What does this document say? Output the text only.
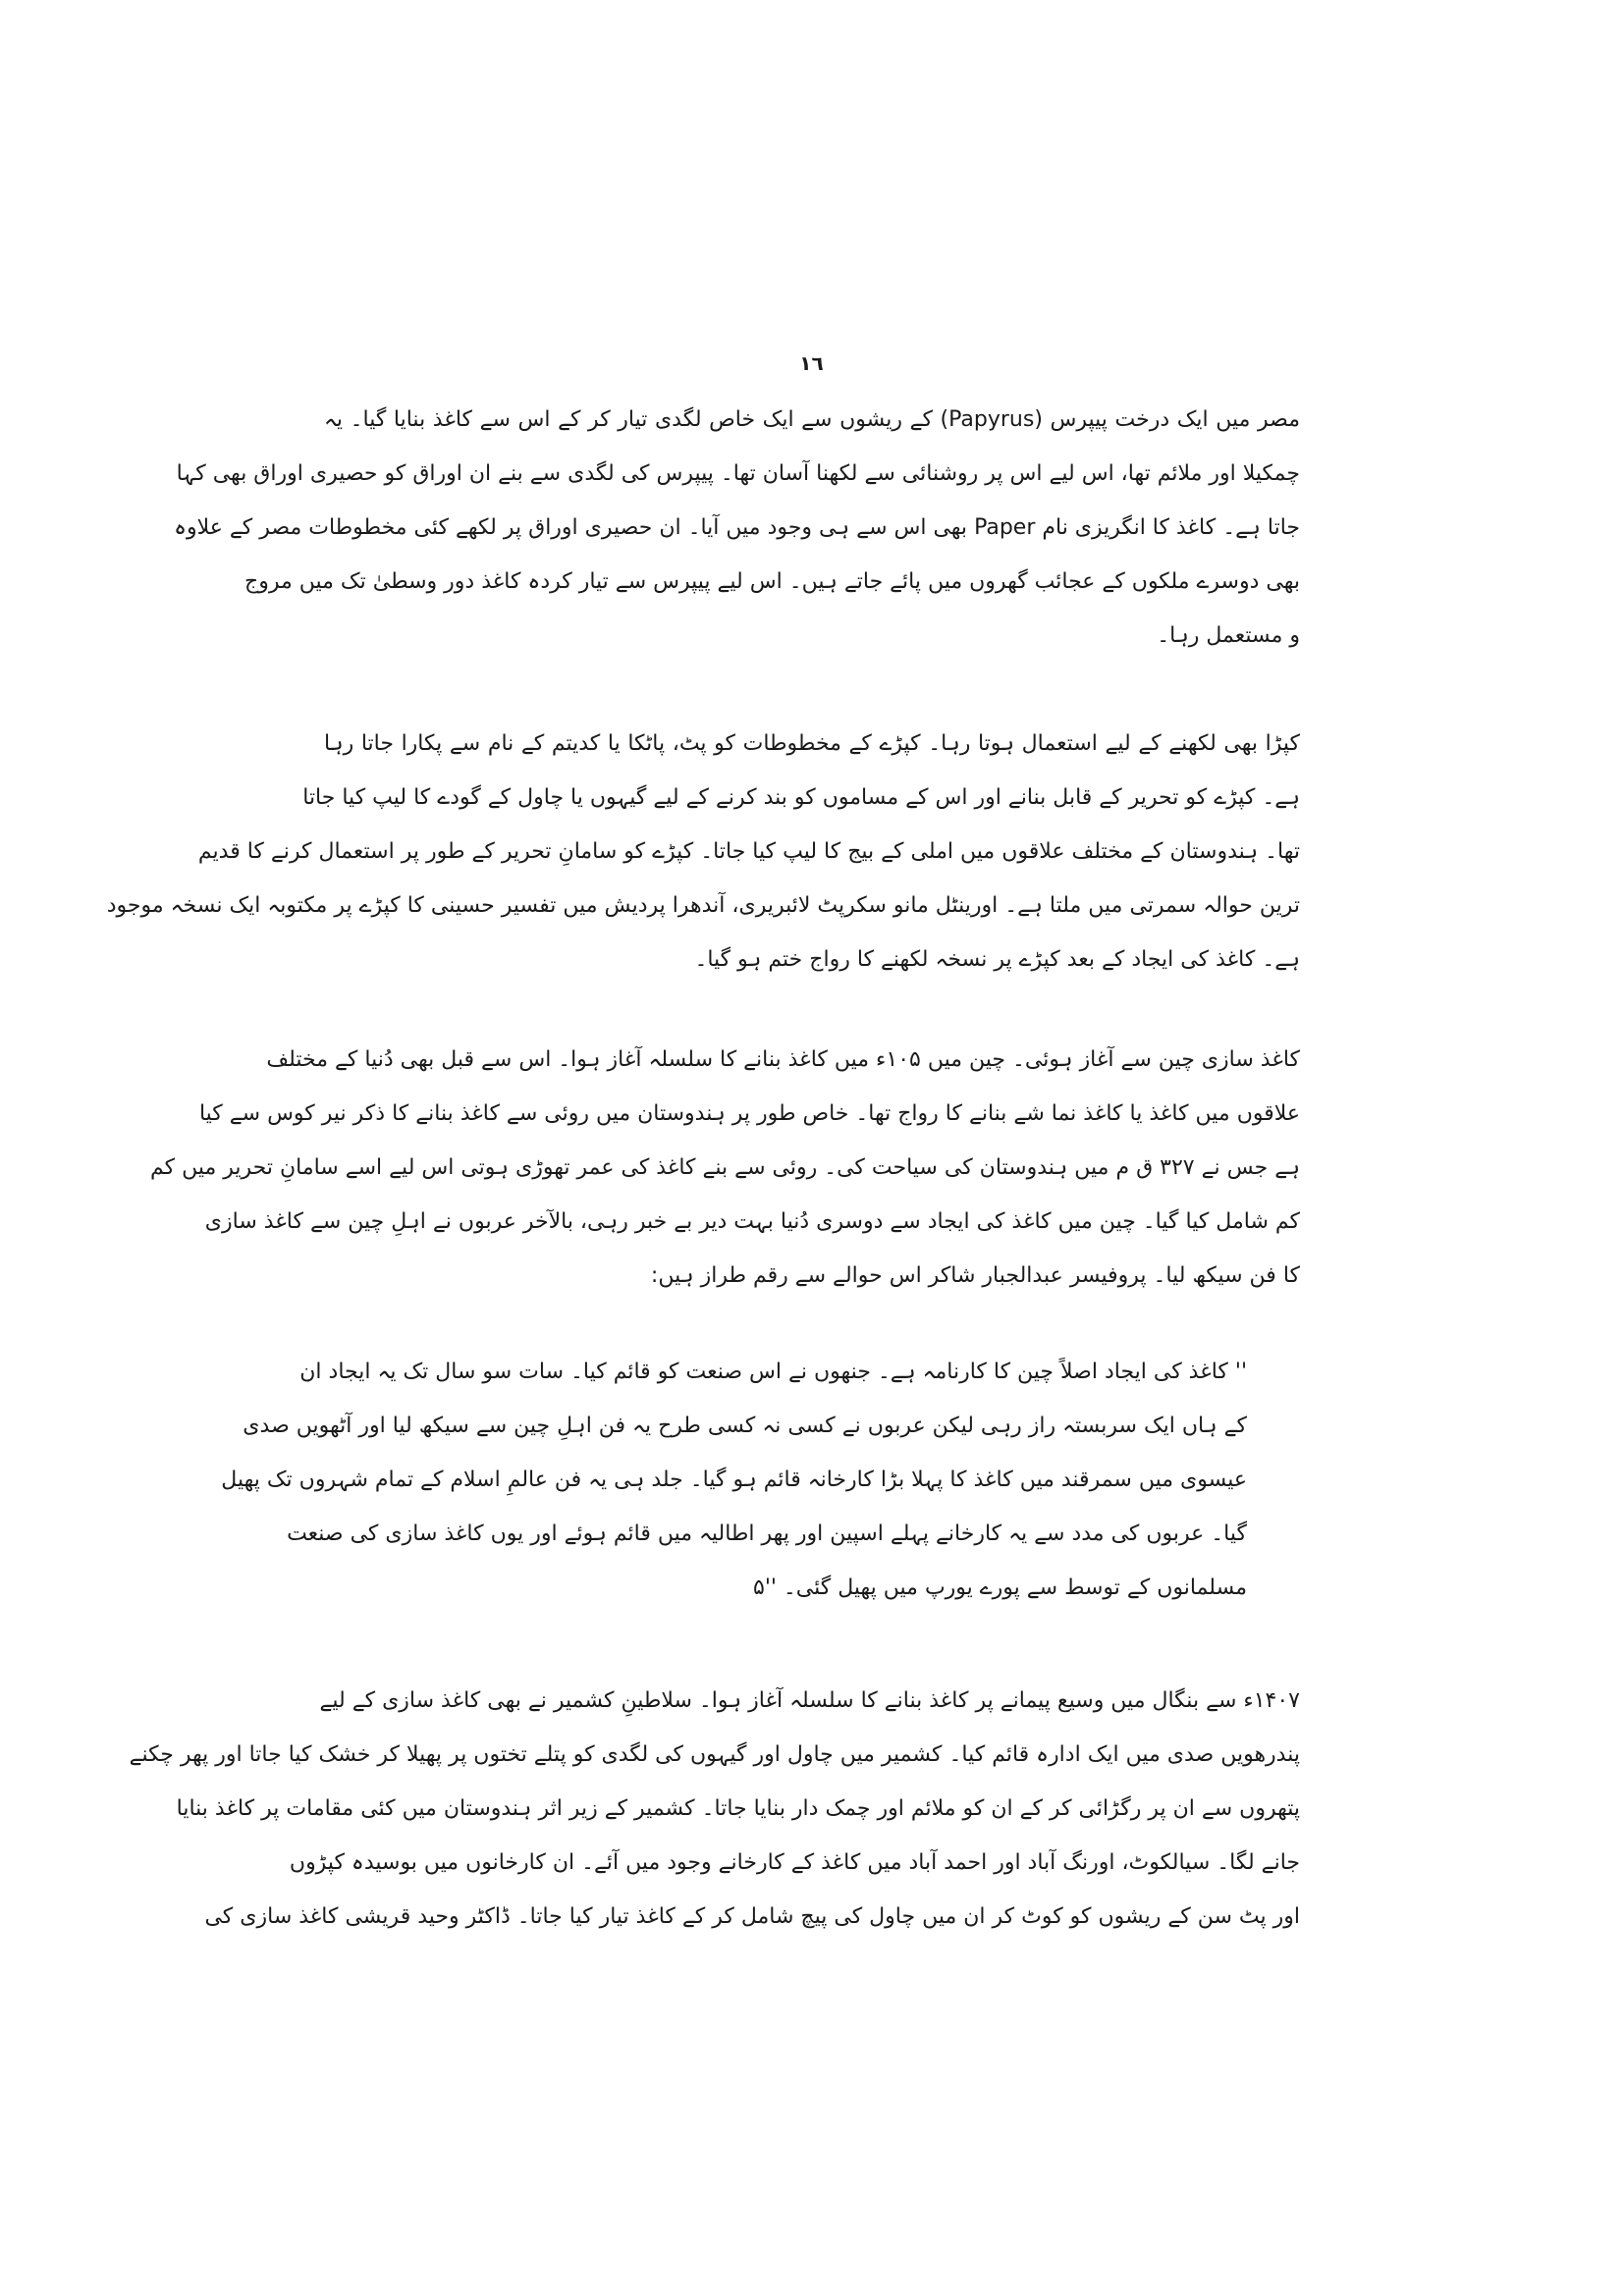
١٦
مصر میں ایک درخت پیپرس (Papyrus) کے ریشوں سے ایک خاص لگدی تیار کر کے اس سے کاغذ بنایا گیا۔ یہ
چمکیلا اور ملائم تھا، اس لیے اس پر روشنائی سے لکھنا آسان تھا۔ پیپرس کی لگدی سے بنے ان اوراق کو حصیری اوراق بھی کہا
جاتا ہے۔ کاغذ کا انگریزی نام Paper بھی اس سے ہی وجود میں آیا۔ ان حصیری اوراق پر لکھے کئی مخطوطات مصر کے علاوہ
بھی دوسرے ملکوں کے عجائب گھروں میں پائے جاتے ہیں۔ اس لیے پیپرس سے تیار کردہ کاغذ دور وسطیٰ تک میں مروج
و مستعمل رہا۔
کپڑا بھی لکھنے کے لیے استعمال ہوتا رہا۔ کپڑے کے مخطوطات کو پٹ، پاٹکا یا کدیتم کے نام سے پکارا جاتا رہا
ہے۔ کپڑے کو تحریر کے قابل بنانے اور اس کے مساموں کو بند کرنے کے لیے گیہوں یا چاول کے گودے کا لیپ کیا جاتا
تھا۔ ہندوستان کے مختلف علاقوں میں املی کے بیج کا لیپ کیا جاتا۔ کپڑے کو سامانِ تحریر کے طور پر استعمال کرنے کا قدیم
ترین حوالہ سمرتی میں ملتا ہے۔ اورینٹل مانو سکرپٹ لائبریری، آندھرا پردیش میں تفسیر حسینی کا کپڑے پر مکتوبہ ایک نسخہ موجود
ہے۔ کاغذ کی ایجاد کے بعد کپڑے پر نسخہ لکھنے کا رواج ختم ہو گیا۔
کاغذ سازی چین سے آغاز ہوئی۔ چین میں ١٠۵ء میں کاغذ بنانے کا سلسلہ آغاز ہوا۔ اس سے قبل بھی دُنیا کے مختلف
علاقوں میں کاغذ یا کاغذ نما شے بنانے کا رواج تھا۔ خاص طور پر ہندوستان میں روئی سے کاغذ بنانے کا ذکر نیر کوس سے کیا
ہے جس نے ٣٢٧ ق م میں ہندوستان کی سیاحت کی۔ روئی سے بنے کاغذ کی عمر تھوڑی ہوتی اس لیے اسے سامانِ تحریر میں کم
کم شامل کیا گیا۔ چین میں کاغذ کی ایجاد سے دوسری دُنیا بہت دیر بے خبر رہی، بالآخر عربوں نے اہلِ چین سے کاغذ سازی
کا فن سیکھ لیا۔ پروفیسر عبدالجبار شاکر اس حوالے سے رقم طراز ہیں:
'' کاغذ کی ایجاد اصلاً چین کا کارنامہ ہے۔ جنھوں نے اس صنعت کو قائم کیا۔ سات سو سال تک یہ ایجاد ان
کے ہاں ایک سربستہ راز رہی لیکن عربوں نے کسی نہ کسی طرح یہ فن اہلِ چین سے سیکھ لیا اور آٹھویں صدی
عیسوی میں سمرقند میں کاغذ کا پہلا بڑا کارخانہ قائم ہو گیا۔ جلد ہی یہ فن عالمِ اسلام کے تمام شہروں تک پھیل
گیا۔ عربوں کی مدد سے یہ کارخانے پہلے اسپین اور پھر اطالیہ میں قائم ہوئے اور یوں کاغذ سازی کی صنعت
مسلمانوں کے توسط سے پورے یورپ میں پھیل گئی۔ ''۵
١۴٠٧ء سے بنگال میں وسیع پیمانے پر کاغذ بنانے کا سلسلہ آغاز ہوا۔ سلاطینِ کشمیر نے بھی کاغذ سازی کے لیے
پندرھویں صدی میں ایک ادارہ قائم کیا۔ کشمیر میں چاول اور گیہوں کی لگدی کو پتلے تختوں پر پھیلا کر خشک کیا جاتا اور پھر چکنے
پتھروں سے ان پر رگڑائی کر کے ان کو ملائم اور چمک دار بنایا جاتا۔ کشمیر کے زیر اثر ہندوستان میں کئی مقامات پر کاغذ بنایا
جانے لگا۔ سیالکوٹ، اورنگ آباد اور احمد آباد میں کاغذ کے کارخانے وجود میں آئے۔ ان کارخانوں میں بوسیدہ کپڑوں
اور پٹ سن کے ریشوں کو کوٹ کر ان میں چاول کی پیچ شامل کر کے کاغذ تیار کیا جاتا۔ ڈاکٹر وحید قریشی کاغذ سازی کی
